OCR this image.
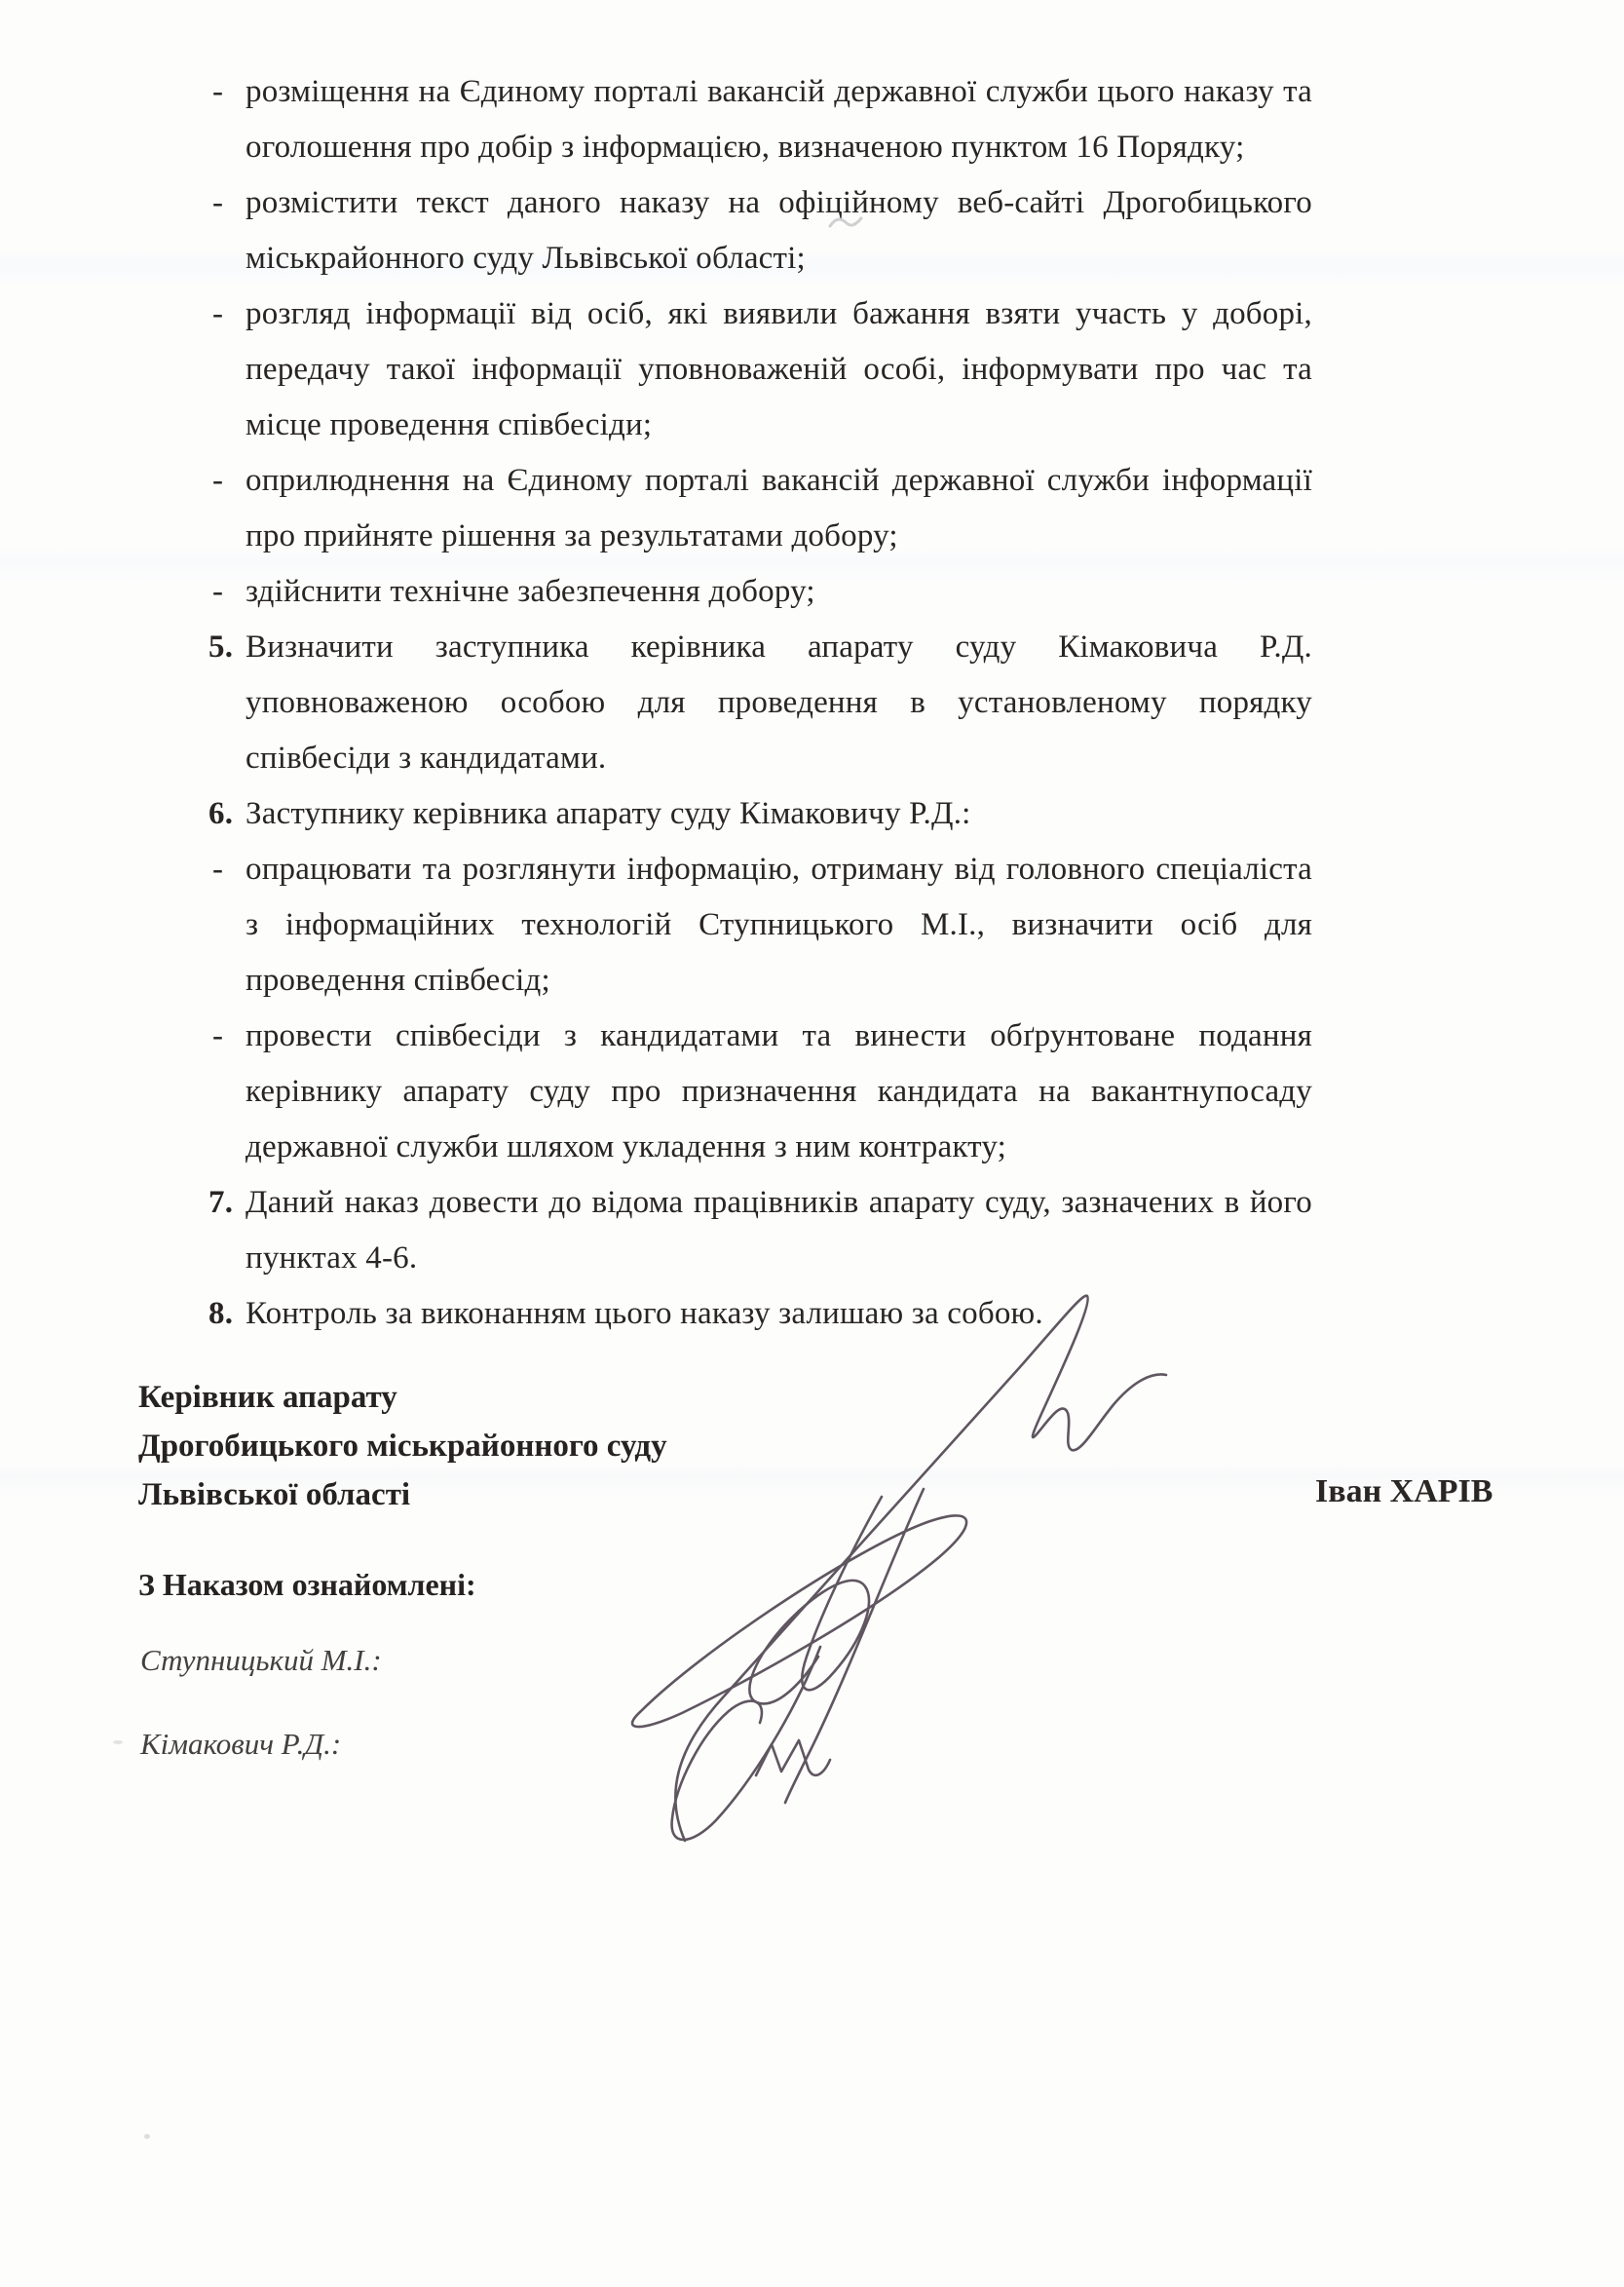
- розміщення на Єдиному порталі вакансій державної служби цього наказу та оголошення про добір з інформацією, визначеною пунктом 16 Порядку;
- розмістити текст даного наказу на офіційному веб-сайті Дрогобицького міськрайонного суду Львівської області;
- розгляд інформації від осіб, які виявили бажання взяти участь у доборі, передачу такої інформації уповноваженій особі, інформувати про час та місце проведення співбесіди;
- оприлюднення на Єдиному порталі вакансій державної служби інформації про прийняте рішення за результатами добору;
- здійснити технічне забезпечення добору;
5. Визначити заступника керівника апарату суду Кімаковича Р.Д. уповноваженою особою для проведення в установленому порядку співбесіди з кандидатами.
6. Заступнику керівника апарату суду Кімаковичу Р.Д.:
- опрацювати та розглянути інформацію, отриману від головного спеціаліста з інформаційних технологій Ступницького М.І., визначити осіб для проведення співбесід;
- провести співбесіди з кандидатами та винести обґрунтоване подання керівнику апарату суду про призначення кандидата на вакантнупосаду державної служби шляхом укладення з ним контракту;
7. Даний наказ довести до відома працівників апарату суду, зазначених в його пунктах 4-6.
8. Контроль за виконанням цього наказу залишаю за собою.
Керівник апарату
Дрогобицького міськрайонного суду
Львівської області	Іван ХАРІВ
З Наказом ознайомлені:
Ступницький М.І.:
Кімакович Р.Д.:
